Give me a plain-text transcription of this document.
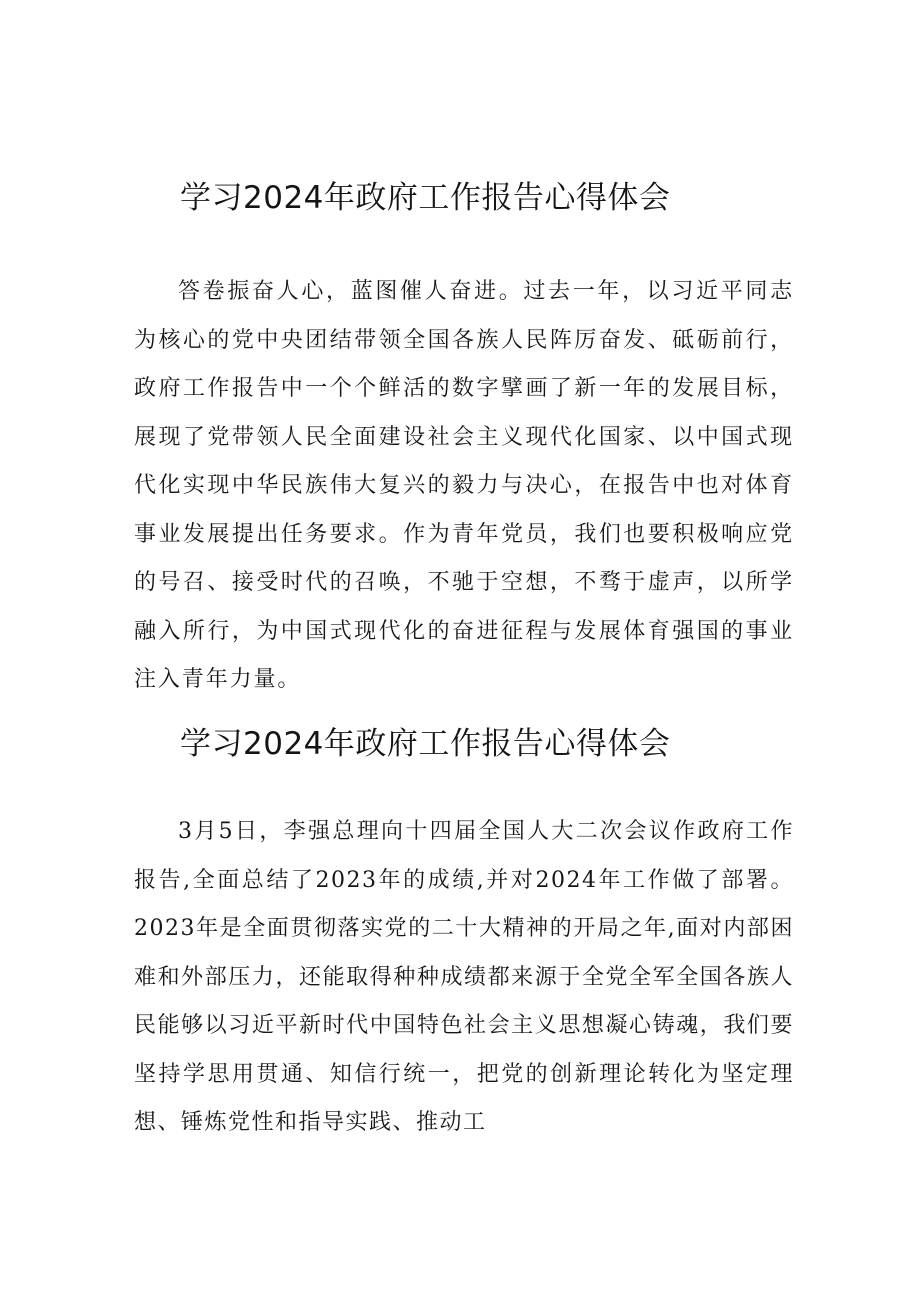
学习2024年政府工作报告心得体会

答卷振奋人心，蓝图催人奋进。过去一年，以习近平同志为核心的党中央团结带领全国各族人民阵厉奋发、砥砺前行，政府工作报告中一个个鲜活的数字擘画了新一年的发展目标，展现了党带领人民全面建设社会主义现代化国家、以中国式现代化实现中华民族伟大复兴的毅力与决心，在报告中也对体育事业发展提出任务要求。作为青年党员，我们也要积极响应党的号召、接受时代的召唤，不驰于空想，不骛于虚声，以所学融入所行，为中国式现代化的奋进征程与发展体育强国的事业注入青年力量。

学习2024年政府工作报告心得体会

3月5日，李强总理向十四届全国人大二次会议作政府工作报告,全面总结了2023年的成绩,并对2024年工作做了部署。2023年是全面贯彻落实党的二十大精神的开局之年,面对内部困难和外部压力，还能取得种种成绩都来源于全党全军全国各族人民能够以习近平新时代中国特色社会主义思想凝心铸魂，我们要坚持学思用贯通、知信行统一，把党的创新理论转化为坚定理想、锤炼党性和指导实践、推动工
